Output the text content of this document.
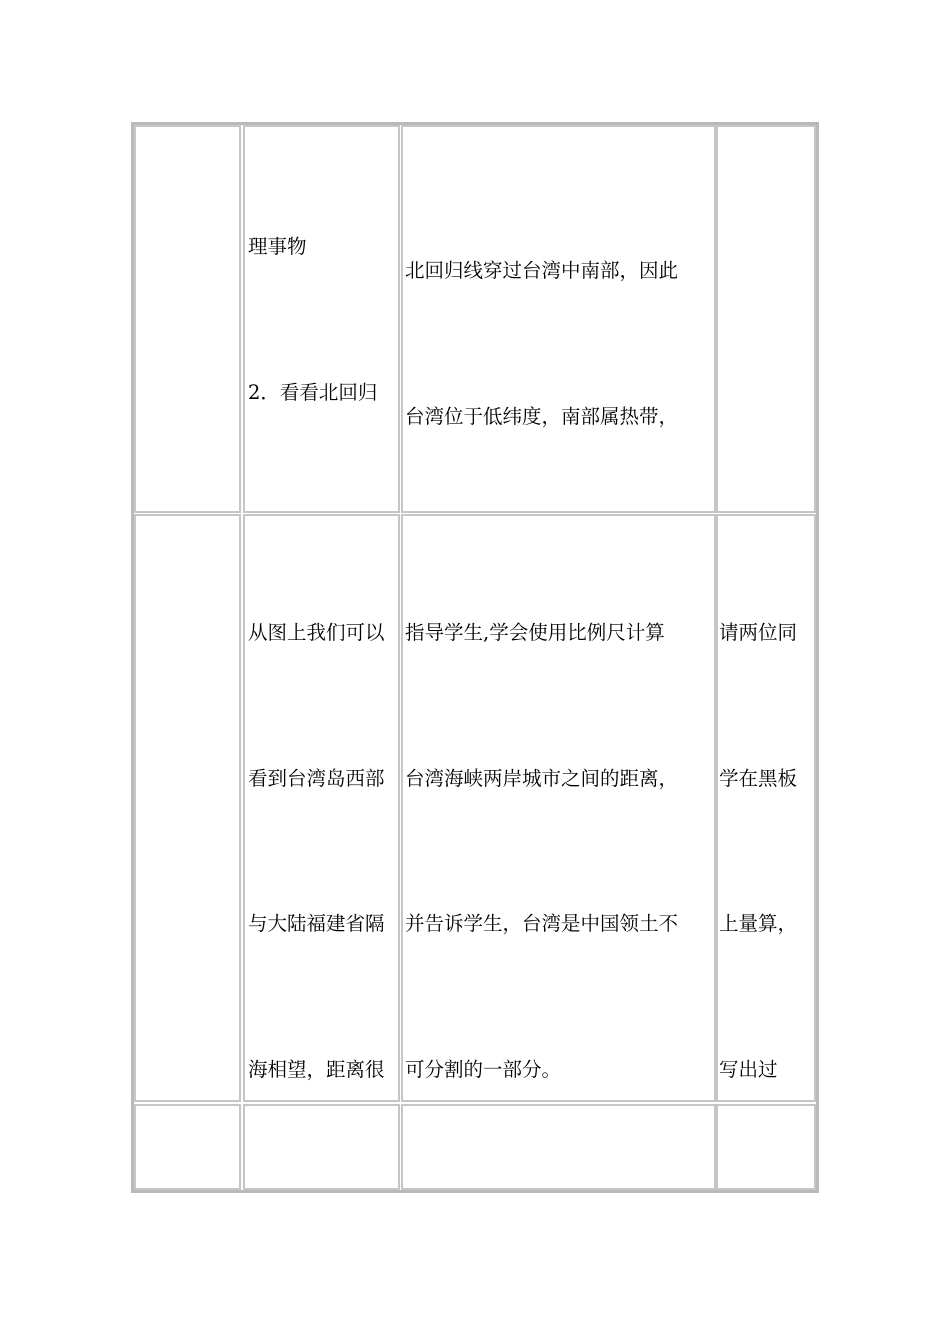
理事物

2．看看北回归

北回归线穿过台湾中南部，因此

台湾位于低纬度，南部属热带，

从图上我们可以

看到台湾岛西部

与大陆福建省隔

海相望，距离很

指导学生,学会使用比例尺计算

台湾海峡两岸城市之间的距离，

并告诉学生，台湾是中国领土不

可分割的一部分。

请两位同

学在黑板

上量算，

写出过
